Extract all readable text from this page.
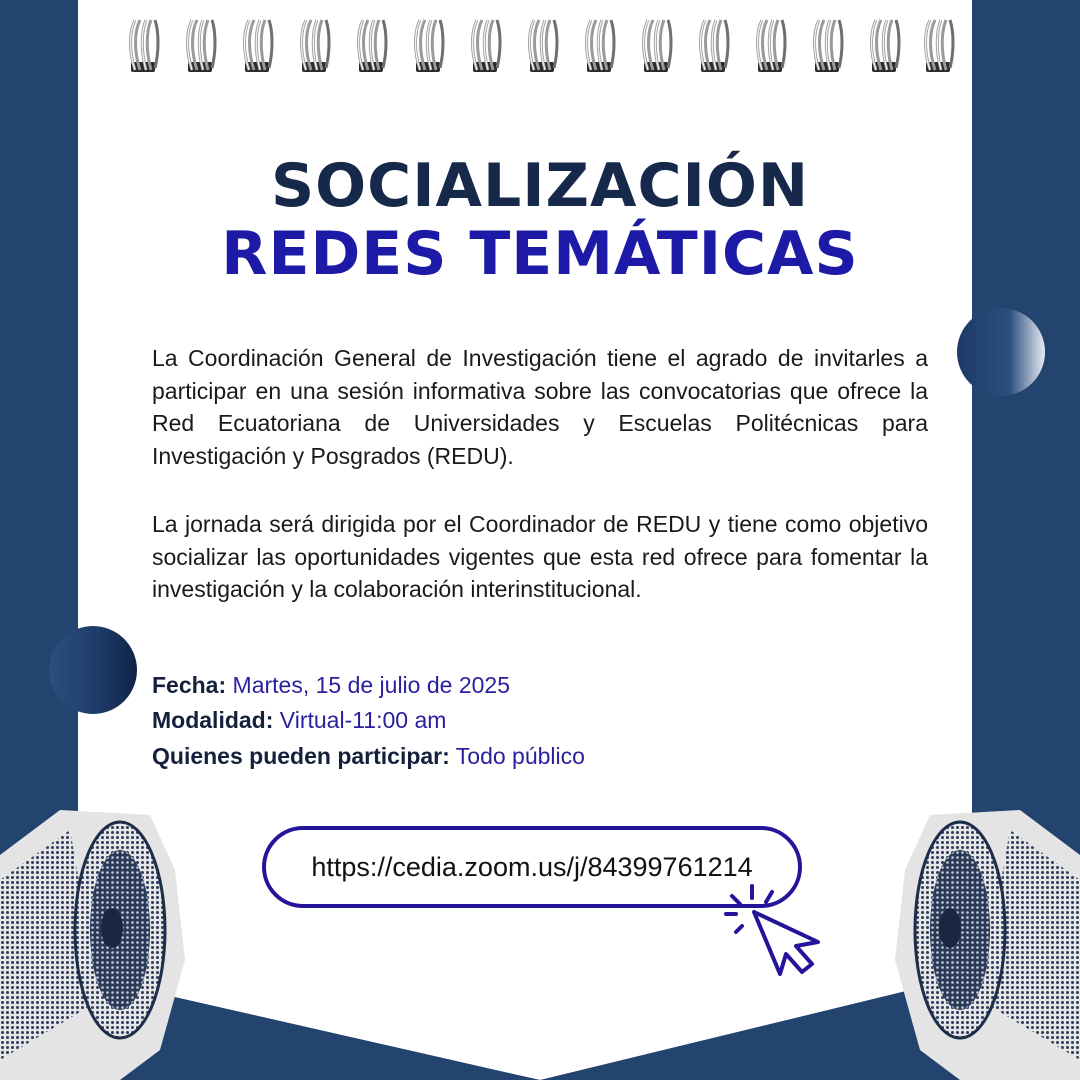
SOCIALIZACIÓN
REDES TEMÁTICAS

La Coordinación General de Investigación tiene el agrado de invitarles a participar en una sesión informativa sobre las convocatorias que ofrece la Red Ecuatoriana de Universidades y Escuelas Politécnicas para Investigación y Posgrados (REDU).

La jornada será dirigida por el Coordinador de REDU y tiene como objetivo socializar las oportunidades vigentes que esta red ofrece para fomentar la investigación y la colaboración interinstitucional.

Fecha: Martes, 15 de julio de 2025
Modalidad: Virtual-11:00 am
Quienes pueden participar: Todo público
https://cedia.zoom.us/j/84399761214
